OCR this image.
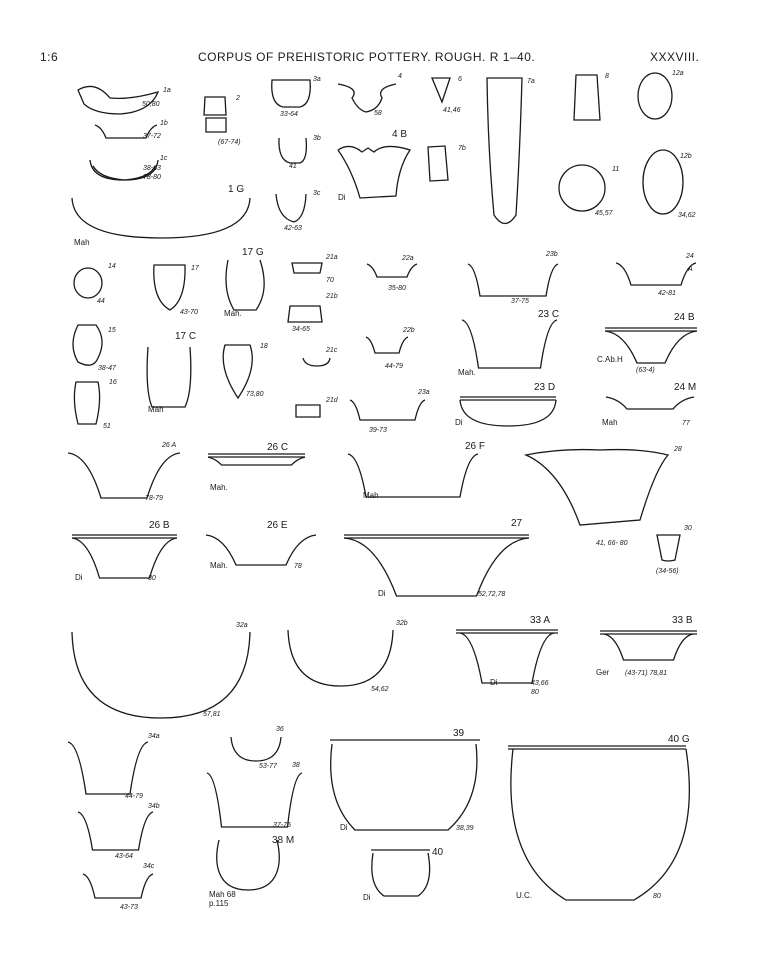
1:6	CORPUS OF PREHISTORIC POTTERY. ROUGH. R 1–40.	XXXVIII.
1a
50,80
1b
37-72
1c
38-63
78-80
1 G
Mah
2
(67-74)
3a
33-64
3b
41
3c
42-63
4
58
4 B
Di
6
41,46
7a
7b
8
11
45,57
12a
12b
34,62
14
44
15
38-47
16
51
17
43-70
17 G
Mah.
17 C
Mah
18
73,80
21a
70
21b
34-65
21c
21d
22a
35-80
22b
44-79
23a
39-73
23b
37-75
23 C
Mah.
23 D
Di
24
42-81
A
24 B
(63-4)
C.Ab.H
24 M
77
Mah
26 A
78-79
26 C
Mah.
26 F
Mah
28
41, 66- 80
26 B
80
Di
26 E
78
Mah.
27
52,72,78
Di
30
(34-56)
32a
57,81
32b
54,62
33 A
43,66
80
Di
33 B
(43-71) 78,81
Ger
34a
44-79
34b
43-64
34c
43-73
36
53-77 38
37-75
38 M
Mah 68
p.115
39
38,39
Di
40
Di
40 G
80
U.C.
